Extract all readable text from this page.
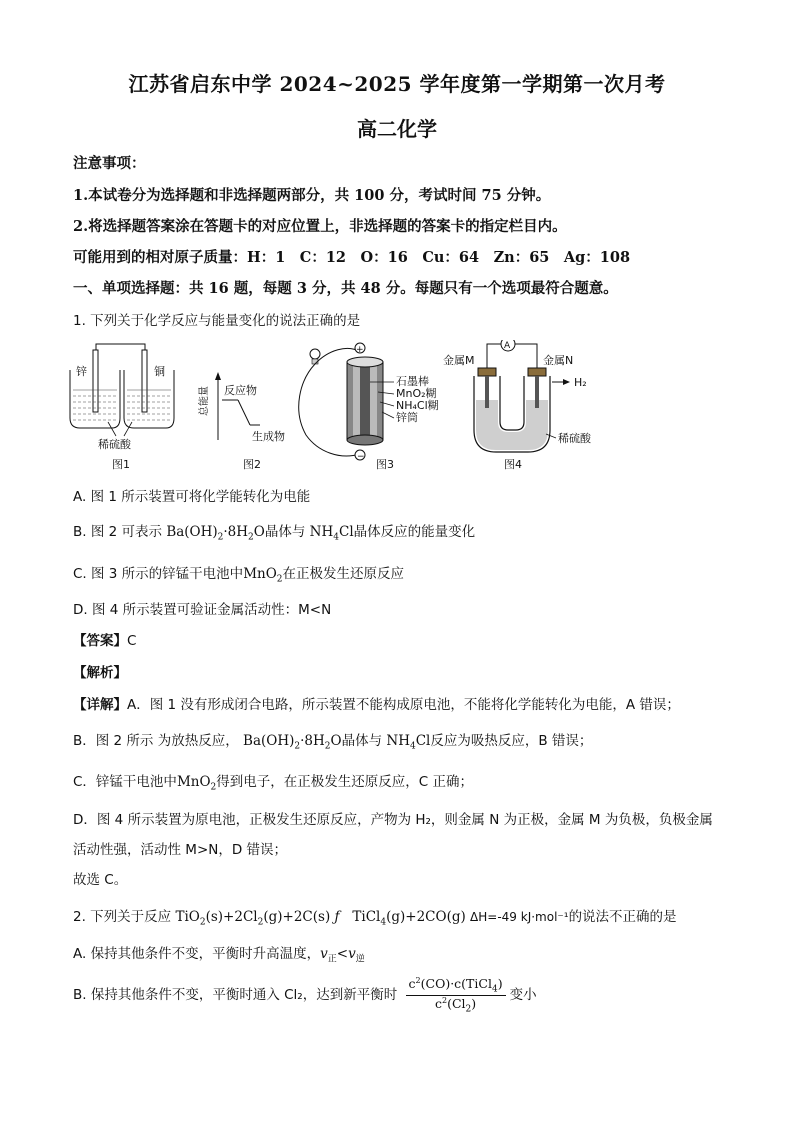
江苏省启东中学 2024~2025 学年度第一学期第一次月考
高二化学
注意事项：
1.本试卷分为选择题和非选择题两部分，共 100 分，考试时间 75 分钟。
2.将选择题答案涂在答题卡的对应位置上，非选择题的答案卡的指定栏目内。
可能用到的相对原子质量：H：1　C：12　O：16　Cu：64　Zn：65　Ag：108
一、单项选择题：共 16 题，每题 3 分，共 48 分。每题只有一个选项最符合题意。
1. 下列关于化学反应与能量变化的说法正确的是
锌	铜
稀硫酸
图1
总能量 反应物
生成物
图2
+
−
石墨棒
MnO₂糊
NH₄Cl糊
锌筒
图3
A
金属M	金属N
H₂
稀硫酸
图4
A. 图 1 所示装置可将化学能转化为电能
B. 图 2 可表示 $Ba(OH)_2\cdot 8H_2O$晶体与 $NH_4Cl$晶体反应的能量变化
C. 图 3 所示的锌锰干电池中MnO$_2$在正极发生还原反应
D. 图 4 所示装置可验证金属活动性：M<N
【答案】C
【解析】
【详解】A．图 1 没有形成闭合电路，所示装置不能构成原电池，不能将化学能转化为电能，A 错误；
B．图 2 所示 为放热反应， $Ba(OH)_2\cdot 8H_2O$晶体与 $NH_4Cl$反应为吸热反应，B 错误；
C．锌锰干电池中MnO$_2$得到电子，在正极发生还原反应，C 正确；
D．图 4 所示装置为原电池，正极发生还原反应，产物为 H₂，则金属 N 为正极，金属 M 为负极，负极金属
活动性强，活动性 M>N，D 错误；
故选 C。
2. 下列关于反应 $TiO_2(s)+2Cl_2(g)+2C(s)$ ƒ   TiCl$_4$(g)+2CO(g) ΔH=-49 kJ·mol⁻¹的说法不正确的是
A. 保持其他条件不变，平衡时升高温度，$v_正<v_逆$
B. 保持其他条件不变，平衡时通入 Cl₂，达到新平衡时 $\frac{c^2(CO)\cdot c(TiCl_4)}{c^2(Cl_2)}$ 变小
